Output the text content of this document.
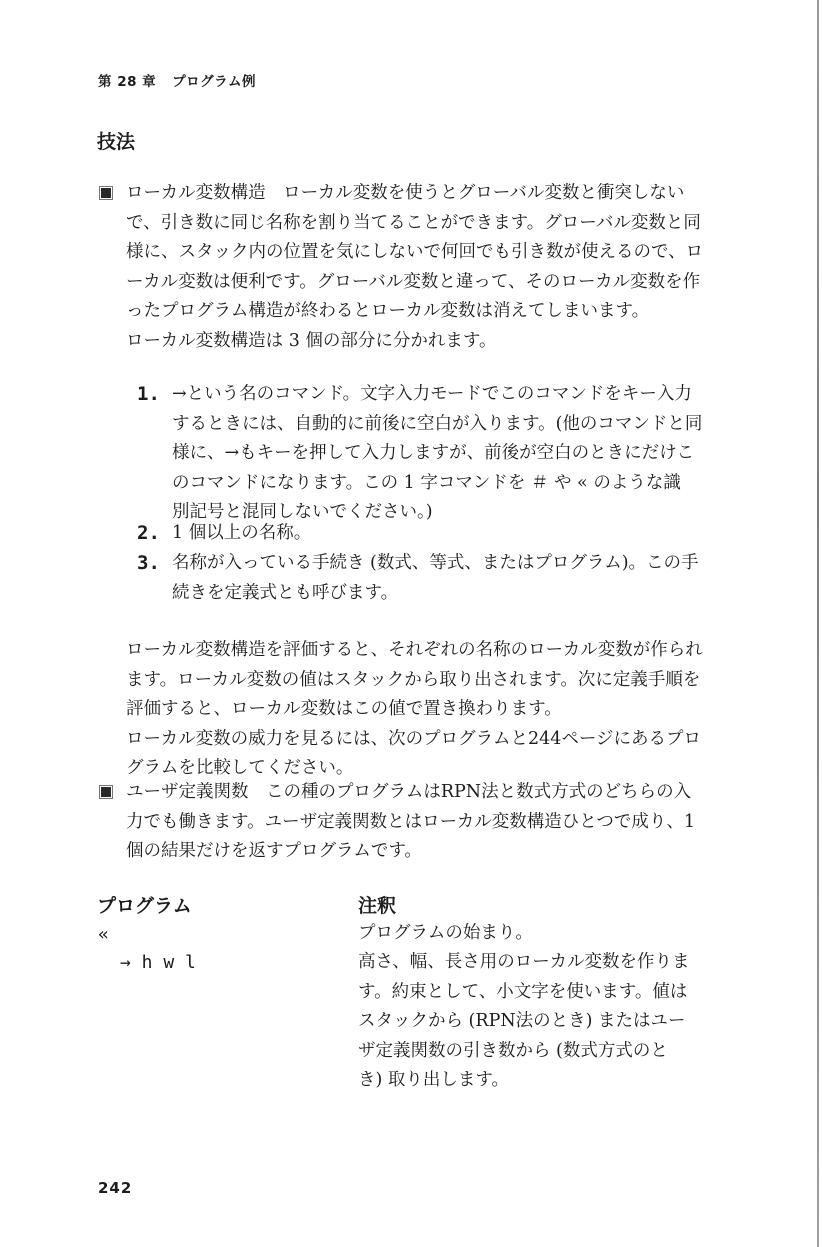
第 28 章 プログラム例
技法

ローカル変数構造　ローカル変数を使うとグローバル変数と衝突しない

で、引き数に同じ名称を割り当てることができます。グローバル変数と同

様に、スタック内の位置を気にしないで何回でも引き数が使えるので、ロ

ーカル変数は便利です。グローバル変数と違って、そのローカル変数を作

ったプログラム構造が終わるとローカル変数は消えてしまいます。

ローカル変数構造は 3 個の部分に分かれます。

1. →という名のコマンド。文字入力モードでこのコマンドをキー入力

するときには、自動的に前後に空白が入ります。(他のコマンドと同

様に、→もキーを押して入力しますが、前後が空白のときにだけこ

のコマンドになります。この 1 字コマンドを ＃ や « のような識

別記号と混同しないでください。)

2. 1 個以上の名称。

3. 名称が入っている手続き (数式、等式、またはプログラム)。この手

続きを定義式とも呼びます。

ローカル変数構造を評価すると、それぞれの名称のローカル変数が作られ

ます。ローカル変数の値はスタックから取り出されます。次に定義手順を

評価すると、ローカル変数はこの値で置き換わります。

ローカル変数の威力を見るには、次のプログラムと244ページにあるプロ

グラムを比較してください。

ユーザ定義関数　この種のプログラムはRPN法と数式方式のどちらの入

力でも働きます。ユーザ定義関数とはローカル変数構造ひとつで成り、1

個の結果だけを返すプログラムです。

プログラム	注釈
«	プログラムの始まり。

→ h w l	高さ、幅、長さ用のローカル変数を作りま

す。約束として、小文字を使います。値は

スタックから (RPN法のとき) またはユー

ザ定義関数の引き数から (数式方式のと

き) 取り出します。

242
